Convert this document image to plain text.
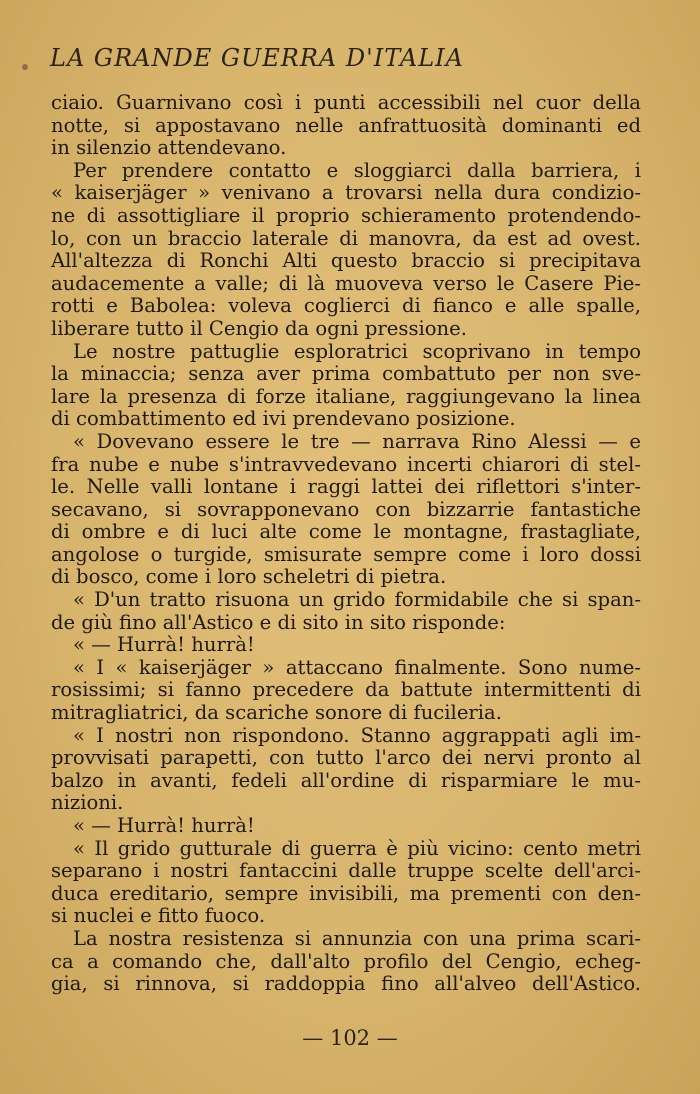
LA GRANDE GUERRA D'ITALIA
ciaio. Guarnivano così i punti accessibili nel cuor della
notte, si appostavano nelle anfrattuosità dominanti ed
in silenzio attendevano.
Per prendere contatto e sloggiarci dalla barriera, i
« kaiserjäger » venivano a trovarsi nella dura condizio-
ne di assottigliare il proprio schieramento protendendo-
lo, con un braccio laterale di manovra, da est ad ovest.
All'altezza di Ronchi Alti questo braccio si precipitava
audacemente a valle; di là muoveva verso le Casere Pie-
rotti e Babolea: voleva coglierci di fianco e alle spalle,
liberare tutto il Cengio da ogni pressione.
Le nostre pattuglie esploratrici scoprivano in tempo
la minaccia; senza aver prima combattuto per non sve-
lare la presenza di forze italiane, raggiungevano la linea
di combattimento ed ivi prendevano posizione.
« Dovevano essere le tre — narrava Rino Alessi — e
fra nube e nube s'intravvedevano incerti chiarori di stel-
le. Nelle valli lontane i raggi lattei dei riflettori s'inter-
secavano, si sovrapponevano con bizzarrie fantastiche
di ombre e di luci alte come le montagne, frastagliate,
angolose o turgide, smisurate sempre come i loro dossi
di bosco, come i loro scheletri di pietra.
« D'un tratto risuona un grido formidabile che si span-
de giù fino all'Astico e di sito in sito risponde:
« — Hurrà! hurrà!
« I « kaiserjäger » attaccano finalmente. Sono nume-
rosissimi; si fanno precedere da battute intermittenti di
mitragliatrici, da scariche sonore di fucileria.
« I nostri non rispondono. Stanno aggrappati agli im-
provvisati parapetti, con tutto l'arco dei nervi pronto al
balzo in avanti, fedeli all'ordine di risparmiare le mu-
nizioni.
« — Hurrà! hurrà!
« Il grido gutturale di guerra è più vicino: cento metri
separano i nostri fantaccini dalle truppe scelte dell'arci-
duca ereditario, sempre invisibili, ma prementi con den-
si nuclei e fitto fuoco.
La nostra resistenza si annunzia con una prima scari-
ca a comando che, dall'alto profilo del Cengio, echeg-
gia, si rinnova, si raddoppia fino all'alveo dell'Astico.
— 102 —
